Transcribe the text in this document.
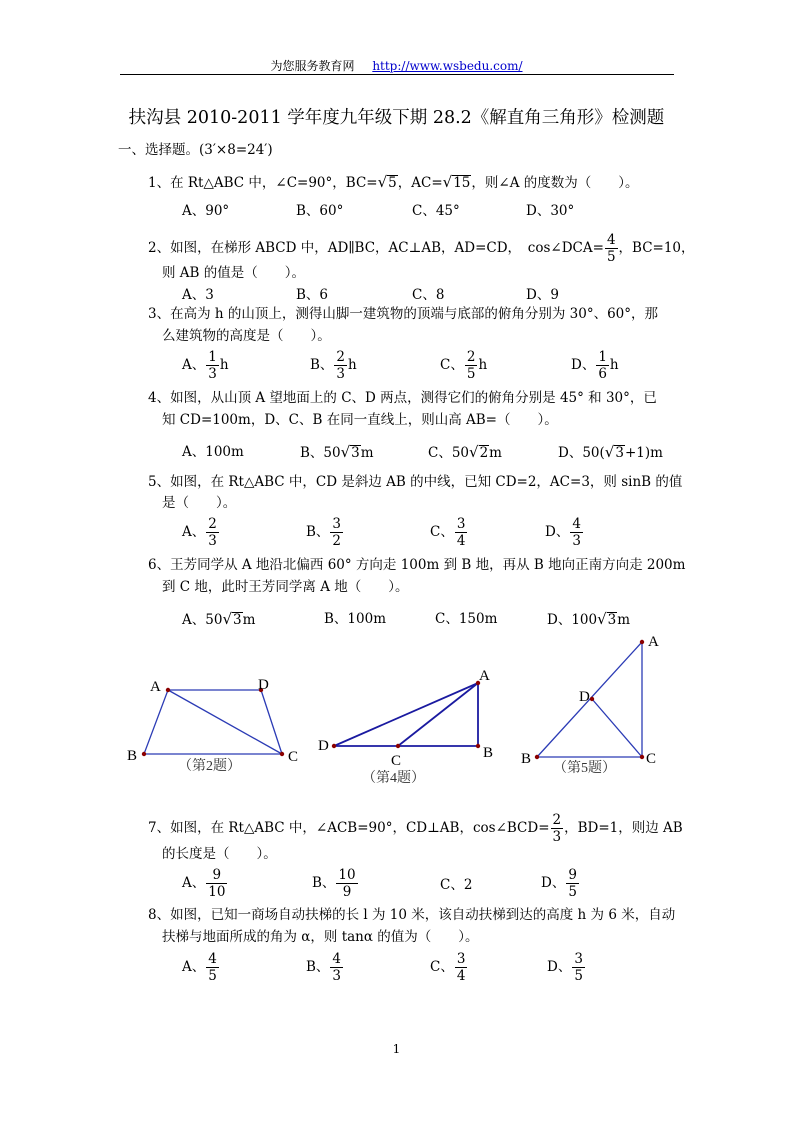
为您服务教育网 http://www.wsbedu.com/
扶沟县 2010-2011 学年度九年级下期 28.2《解直角三角形》检测题
一、选择题。(3′×8=24′)
1、在 Rt△ABC 中，∠C=90°，BC=√5，AC=√15，则∠A 的度数为（　　）。
A、90°	B、60°	C、45°	D、30°
2、如图，在梯形 ABCD 中，AD∥BC，AC⊥AB，AD=CD，　cos∠DCA= $\frac{4}{5}$ ，BC=10，
则 AB 的值是（　　）。
A、3	B、6	C、8	D、9
3、在高为 h 的山顶上，测得山脚一建筑物的顶端与底部的俯角分别为 30°、60°，那
么建筑物的高度是（　　）。
A、 $\frac{1}{3}$ h	B、 $\frac{2}{3}$ h	C、 $\frac{2}{5}$ h	D、 $\frac{1}{6}$ h
4、如图，从山顶 A 望地面上的 C、D 两点，测得它们的俯角分别是 45° 和 30°，已
知 CD=100m，D、C、B 在同一直线上，则山高 AB=（　　）。
A、100m	B、50√3m	C、50√2m	D、50(√3+1)m
5、如图，在 Rt△ABC 中，CD 是斜边 AB 的中线，已知 CD=2，AC=3，则 sinB 的值
是（　　）。
A、 $\frac{2}{3}$	B、 $\frac{3}{2}$	C、 $\frac{3}{4}$	D、 $\frac{4}{3}$
6、王芳同学从 A 地沿北偏西 60° 方向走 100m 到 B 地，再从 B 地向正南方向走 200m
到 C 地，此时王芳同学离 A 地（　　）。
A、50√3m	B、100m	C、150m	D、100√3m
A	D
B	C
（第2题）
A
D
C	B
（第4题）
A
D
B	C
（第5题）
7、如图，在 Rt△ABC 中，∠ACB=90°，CD⊥AB，cos∠BCD= $\frac{2}{3}$ ，BD=1，则边 AB
的长度是（　　）。
A、 $\frac{9}{10}$	B、 $\frac{10}{9}$	C、2	D、 $\frac{9}{5}$
8、如图，已知一商场自动扶梯的长 l 为 10 米，该自动扶梯到达的高度 h 为 6 米，自动
扶梯与地面所成的角为 α，则 tanα 的值为（　　）。
A、 $\frac{4}{5}$	B、 $\frac{4}{3}$	C、 $\frac{3}{4}$	D、 $\frac{3}{5}$
1
